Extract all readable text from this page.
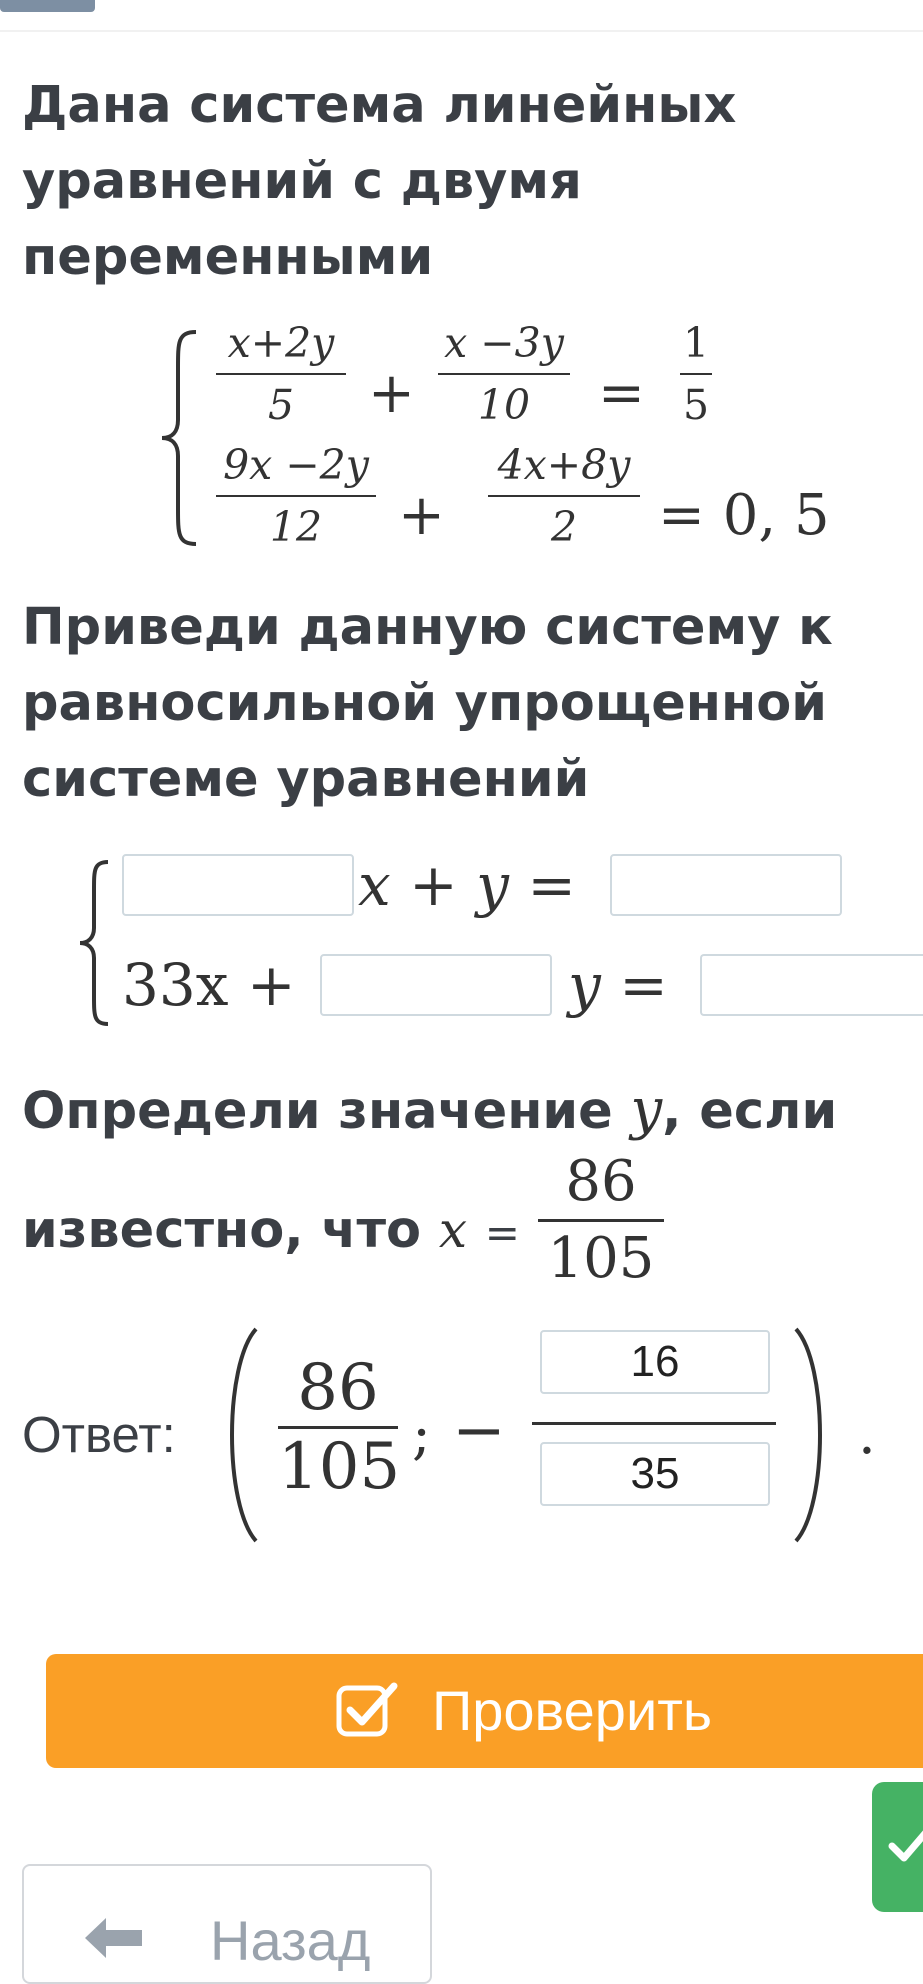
Дана система линейных уравнений с двумя переменными
x+2y
5	+
x −3y
10	=
1
5
9x −2y
12	+
4x+8y
2	= 0, 5
Приведи данную систему к равносильной упрощенной системе уравнений
x + y =
33x +	y =
Определи значение y, если
известно, что x =
86
105
Ответ:
86
105 ; −
16
35	.
Проверить
Назад
